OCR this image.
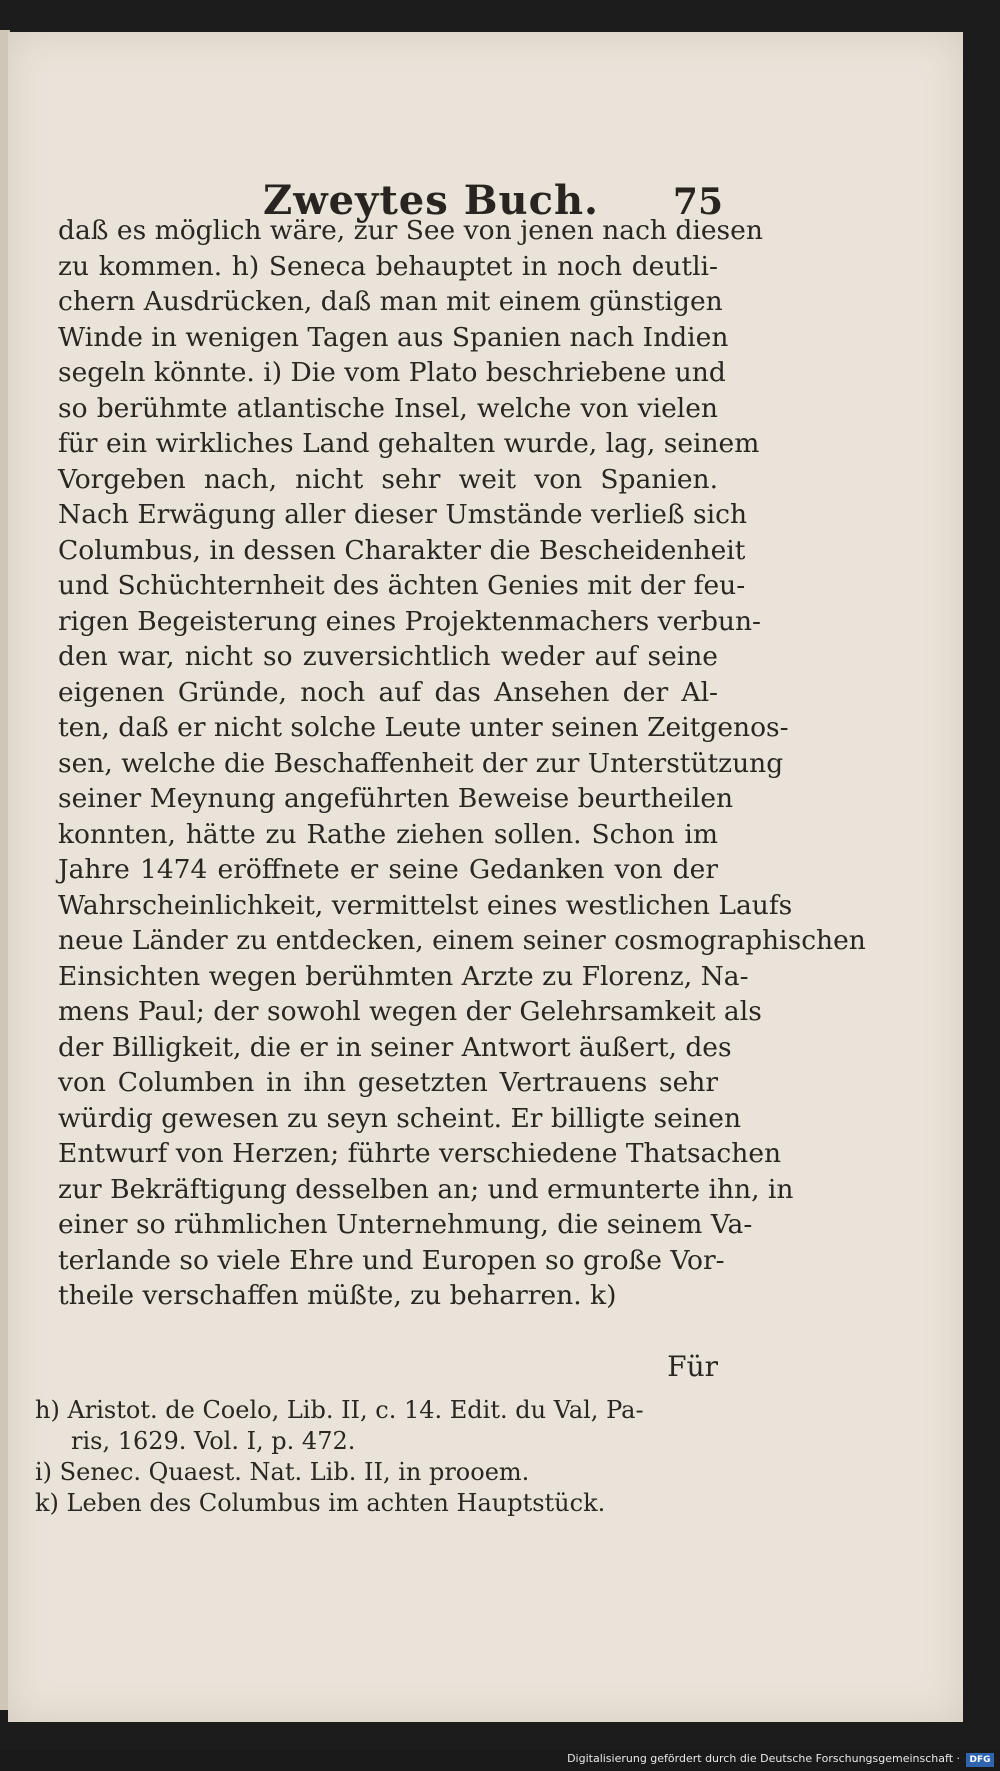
Zweytes Buch. 75
daß es möglich wäre, zur See von jenen nach diesen
zu kommen. h) Seneca behauptet in noch deutli-
chern Ausdrücken, daß man mit einem günstigen
Winde in wenigen Tagen aus Spanien nach Indien
segeln könnte. i) Die vom Plato beschriebene und
so berühmte atlantische Insel, welche von vielen
für ein wirkliches Land gehalten wurde, lag, seinem
Vorgeben nach, nicht sehr weit von Spanien.
Nach Erwägung aller dieser Umstände verließ sich
Columbus, in dessen Charakter die Bescheidenheit
und Schüchternheit des ächten Genies mit der feu-
rigen Begeisterung eines Projektenmachers verbun-
den war, nicht so zuversichtlich weder auf seine
eigenen Gründe, noch auf das Ansehen der Al-
ten, daß er nicht solche Leute unter seinen Zeitgenos-
sen, welche die Beschaffenheit der zur Unterstützung
seiner Meynung angeführten Beweise beurtheilen
konnten, hätte zu Rathe ziehen sollen. Schon im
Jahre 1474 eröffnete er seine Gedanken von der
Wahrscheinlichkeit, vermittelst eines westlichen Laufs
neue Länder zu entdecken, einem seiner cosmographischen
Einsichten wegen berühmten Arzte zu Florenz, Na-
mens Paul; der sowohl wegen der Gelehrsamkeit als
der Billigkeit, die er in seiner Antwort äußert, des
von Columben in ihn gesetzten Vertrauens sehr
würdig gewesen zu seyn scheint. Er billigte seinen
Entwurf von Herzen; führte verschiedene Thatsachen
zur Bekräftigung desselben an; und ermunterte ihn, in
einer so rühmlichen Unternehmung, die seinem Va-
terlande so viele Ehre und Europen so große Vor-
theile verschaffen müßte, zu beharren. k)
Für
h) Aristot. de Coelo, Lib. II, c. 14. Edit. du Val, Pa-
ris, 1629. Vol. I, p. 472.
i) Senec. Quaest. Nat. Lib. II, in prooem.
k) Leben des Columbus im achten Hauptstück.
Digitalisierung gefördert durch die Deutsche Forschungsgemeinschaft ·	DFG
